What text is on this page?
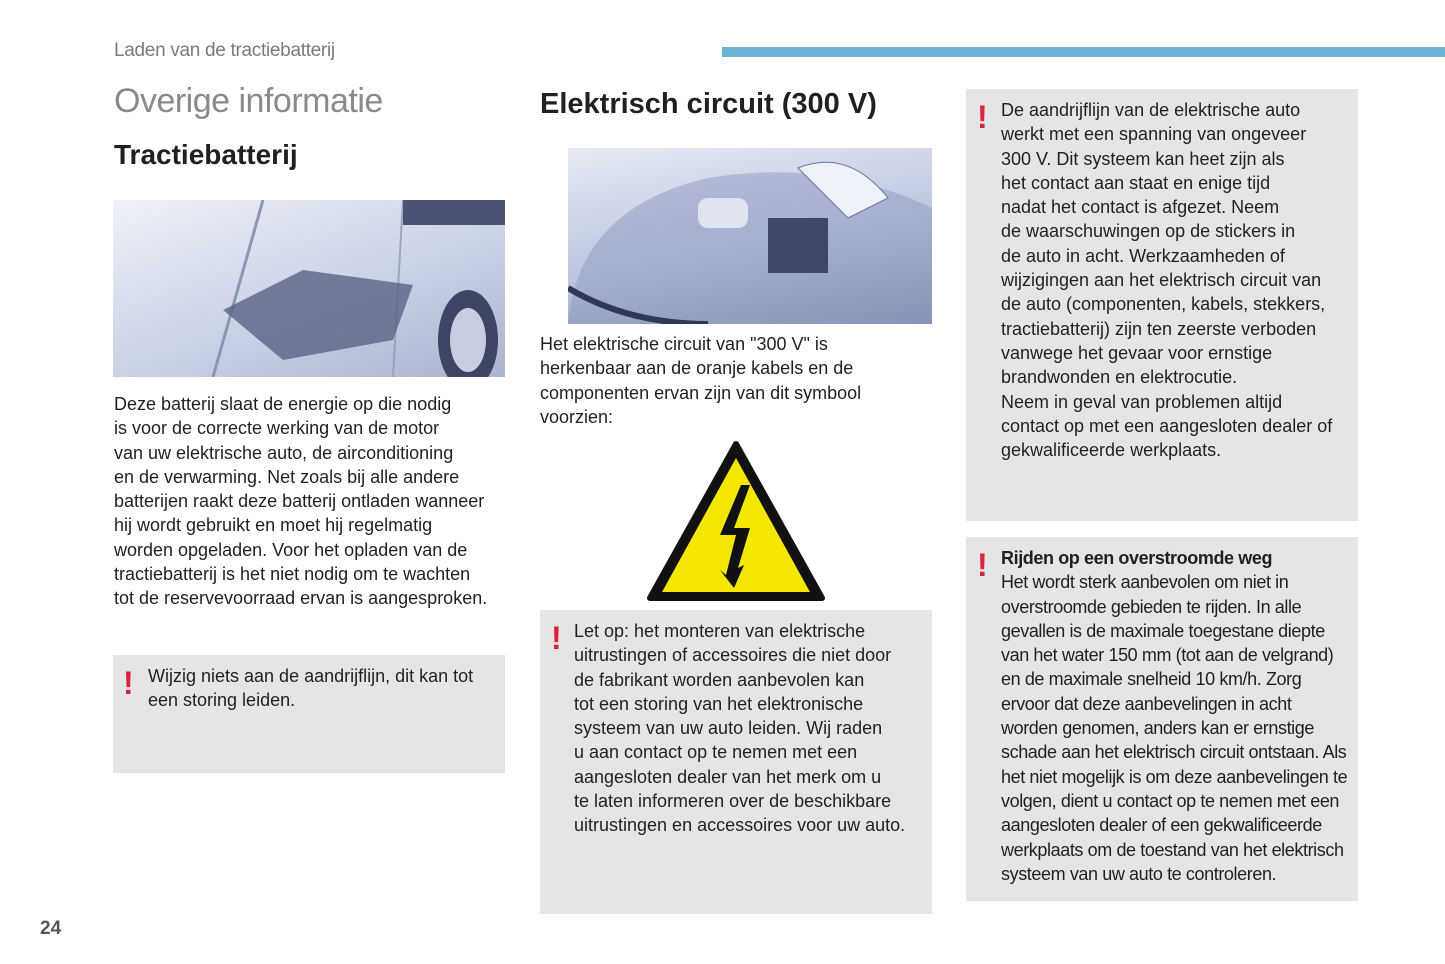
Laden van de tractiebatterij
Overige informatie
Tractiebatterij
Deze batterij slaat de energie op die nodig
is voor de correcte werking van de motor
van uw elektrische auto, de airconditioning
en de verwarming. Net zoals bij alle andere
batterijen raakt deze batterij ontladen wanneer
hij wordt gebruikt en moet hij regelmatig
worden opgeladen. Voor het opladen van de
tractiebatterij is het niet nodig om te wachten
tot de reservevoorraad ervan is aangesproken.
! Wijzig niets aan de aandrijflijn, dit kan tot
een storing leiden.
Elektrisch circuit (300 V)
Het elektrische circuit van "300 V" is
herkenbaar aan de oranje kabels en de
componenten ervan zijn van dit symbool
voorzien:
! Let op: het monteren van elektrische
uitrustingen of accessoires die niet door
de fabrikant worden aanbevolen kan
tot een storing van het elektronische
systeem van uw auto leiden. Wij raden
u aan contact op te nemen met een
aangesloten dealer van het merk om u
te laten informeren over de beschikbare
uitrustingen en accessoires voor uw auto.
! De aandrijflijn van de elektrische auto
werkt met een spanning van ongeveer
300 V. Dit systeem kan heet zijn als
het contact aan staat en enige tijd
nadat het contact is afgezet. Neem
de waarschuwingen op de stickers in
de auto in acht. Werkzaamheden of
wijzigingen aan het elektrisch circuit van
de auto (componenten, kabels, stekkers,
tractiebatterij) zijn ten zeerste verboden
vanwege het gevaar voor ernstige
brandwonden en elektrocutie.
Neem in geval van problemen altijd
contact op met een aangesloten dealer of
gekwalificeerde werkplaats.
! Rijden op een overstroomde weg
Het wordt sterk aanbevolen om niet in
overstroomde gebieden te rijden. In alle
gevallen is de maximale toegestane diepte
van het water 150 mm (tot aan de velgrand)
en de maximale snelheid 10 km/h. Zorg
ervoor dat deze aanbevelingen in acht
worden genomen, anders kan er ernstige
schade aan het elektrisch circuit ontstaan. Als
het niet mogelijk is om deze aanbevelingen te
volgen, dient u contact op te nemen met een
aangesloten dealer of een gekwalificeerde
werkplaats om de toestand van het elektrisch
systeem van uw auto te controleren.
24
